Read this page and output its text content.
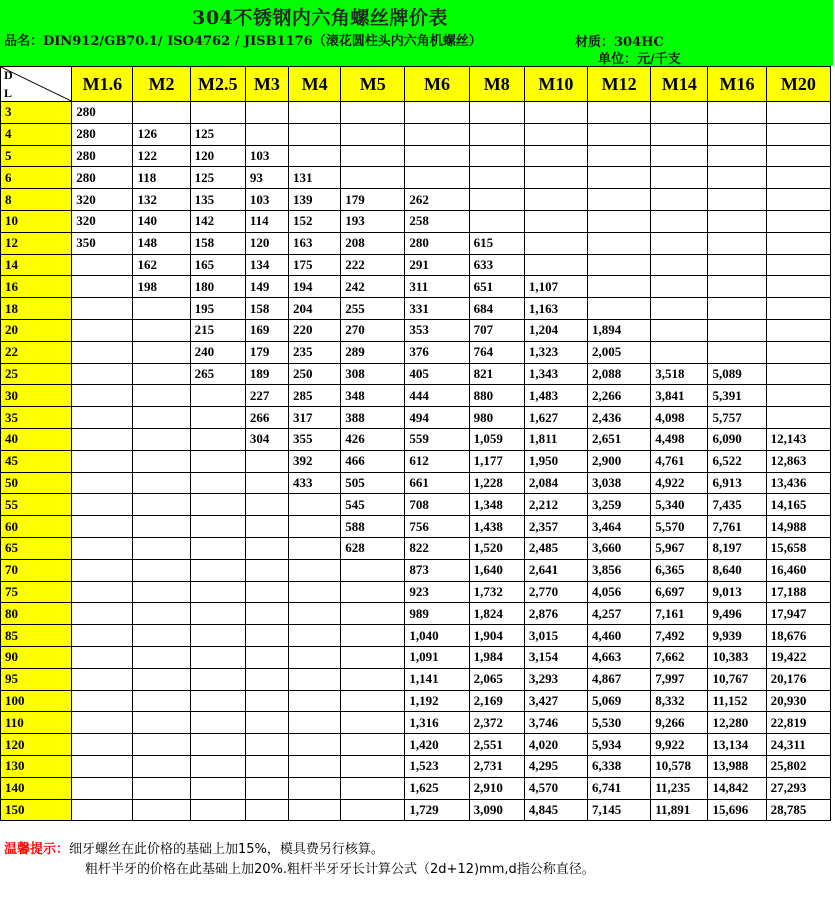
304不锈钢内六角螺丝牌价表
品名：DIN912/GB70.1/ ISO4762 / JISB1176（滚花圆柱头内六角机螺丝）	材质：304HC
单位：元/千支
D
L	M1.6	M2	M2.5	M3	M4	M5	M6	M8	M10	M12	M14	M16	M20
3	280												
4	280	126	125										
5	280	122	120	103									
6	280	118	125	93	131								
8	320	132	135	103	139	179	262						
10	320	140	142	114	152	193	258						
12	350	148	158	120	163	208	280	615					
14		162	165	134	175	222	291	633					
16		198	180	149	194	242	311	651	1,107				
18			195	158	204	255	331	684	1,163				
20			215	169	220	270	353	707	1,204	1,894			
22			240	179	235	289	376	764	1,323	2,005			
25			265	189	250	308	405	821	1,343	2,088	3,518	5,089	
30				227	285	348	444	880	1,483	2,266	3,841	5,391	
35				266	317	388	494	980	1,627	2,436	4,098	5,757	
40				304	355	426	559	1,059	1,811	2,651	4,498	6,090	12,143
45					392	466	612	1,177	1,950	2,900	4,761	6,522	12,863
50					433	505	661	1,228	2,084	3,038	4,922	6,913	13,436
55						545	708	1,348	2,212	3,259	5,340	7,435	14,165
60						588	756	1,438	2,357	3,464	5,570	7,761	14,988
65						628	822	1,520	2,485	3,660	5,967	8,197	15,658
70							873	1,640	2,641	3,856	6,365	8,640	16,460
75							923	1,732	2,770	4,056	6,697	9,013	17,188
80							989	1,824	2,876	4,257	7,161	9,496	17,947
85							1,040	1,904	3,015	4,460	7,492	9,939	18,676
90							1,091	1,984	3,154	4,663	7,662	10,383	19,422
95							1,141	2,065	3,293	4,867	7,997	10,767	20,176
100							1,192	2,169	3,427	5,069	8,332	11,152	20,930
110							1,316	2,372	3,746	5,530	9,266	12,280	22,819
120							1,420	2,551	4,020	5,934	9,922	13,134	24,311
130							1,523	2,731	4,295	6,338	10,578	13,988	25,802
140							1,625	2,910	4,570	6,741	11,235	14,842	27,293
150							1,729	3,090	4,845	7,145	11,891	15,696	28,785
温馨提示：细牙螺丝在此价格的基础上加15%，模具费另行核算。
粗杆半牙的价格在此基础上加20%.粗杆半牙牙长计算公式（2d+12)mm,d指公称直径。
